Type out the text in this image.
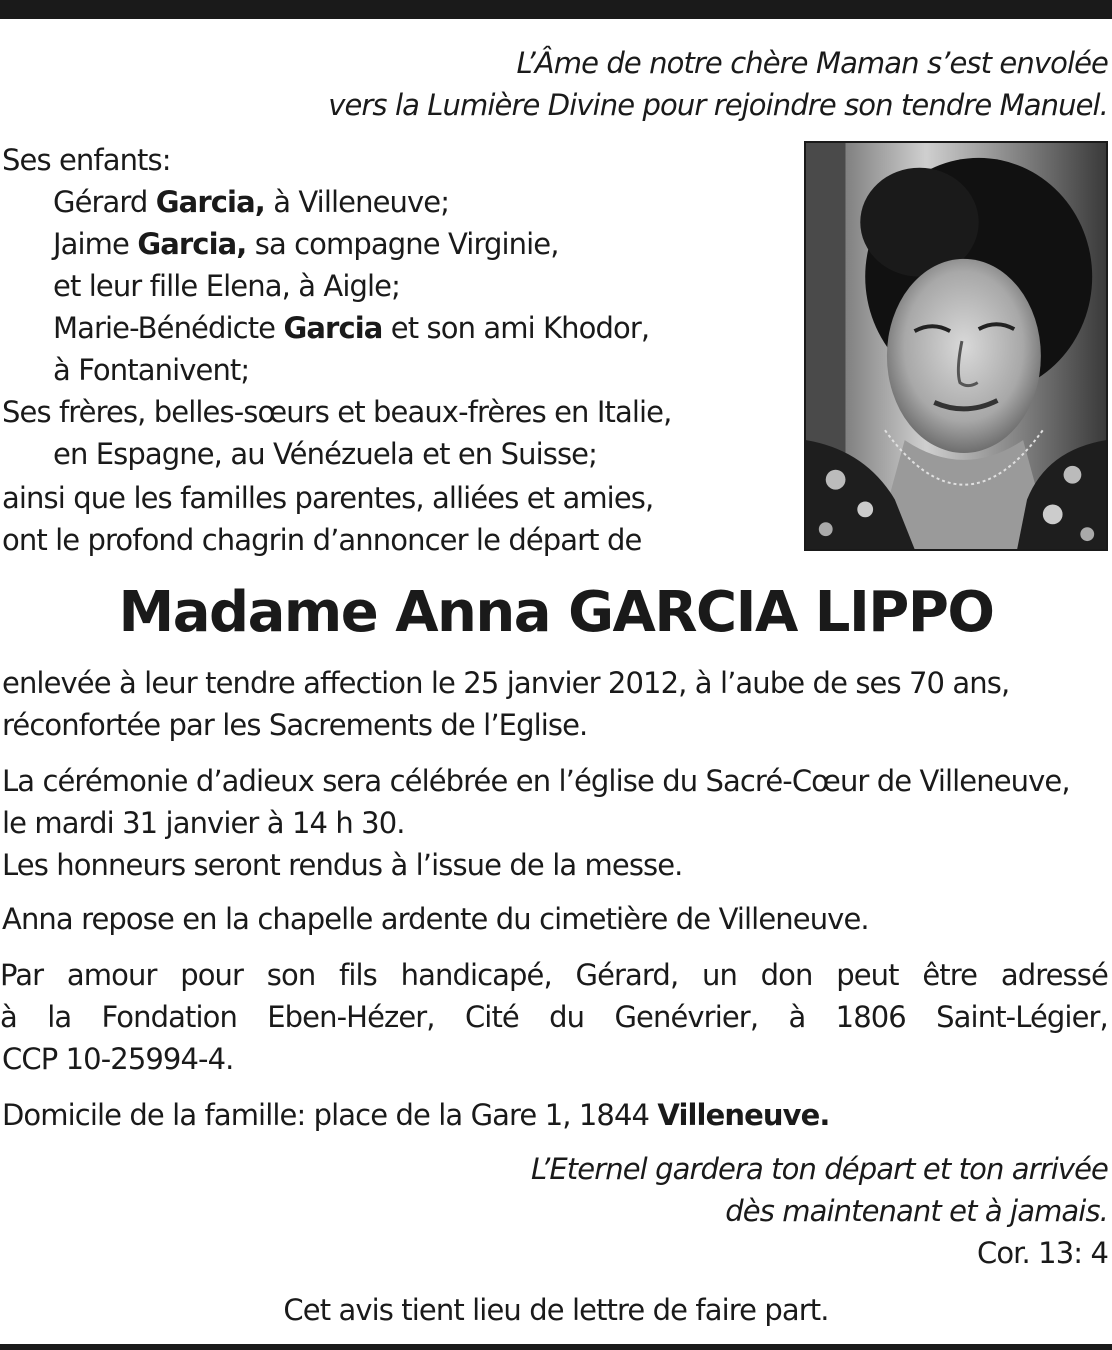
L’Âme de notre chère Maman s’est envolée
vers la Lumière Divine pour rejoindre son tendre Manuel.
Ses enfants:
Gérard Garcia, à Villeneuve;
Jaime Garcia, sa compagne Virginie,
et leur fille Elena, à Aigle;
Marie-Bénédicte Garcia et son ami Khodor,
à Fontanivent;
Ses frères, belles-sœurs et beaux-frères en Italie,
en Espagne, au Vénézuela et en Suisse;
ainsi que les familles parentes, alliées et amies,
ont le profond chagrin d’annoncer le départ de
Madame Anna GARCIA LIPPO
enlevée à leur tendre affection le 25 janvier 2012, à l’aube de ses 70 ans,
réconfortée par les Sacrements de l’Eglise.
La cérémonie d’adieux sera célébrée en l’église du Sacré-Cœur de Villeneuve,
le mardi 31 janvier à 14 h 30.
Les honneurs seront rendus à l’issue de la messe.
Anna repose en la chapelle ardente du cimetière de Villeneuve.
Par amour pour son fils handicapé, Gérard, un don peut être adressé
à la Fondation Eben-Hézer, Cité du Genévrier, à 1806 Saint-Légier,
CCP 10-25994-4.
Domicile de la famille: place de la Gare 1, 1844 Villeneuve.
L’Eternel gardera ton départ et ton arrivée
dès maintenant et à jamais.
Cor. 13: 4
Cet avis tient lieu de lettre de faire part.
